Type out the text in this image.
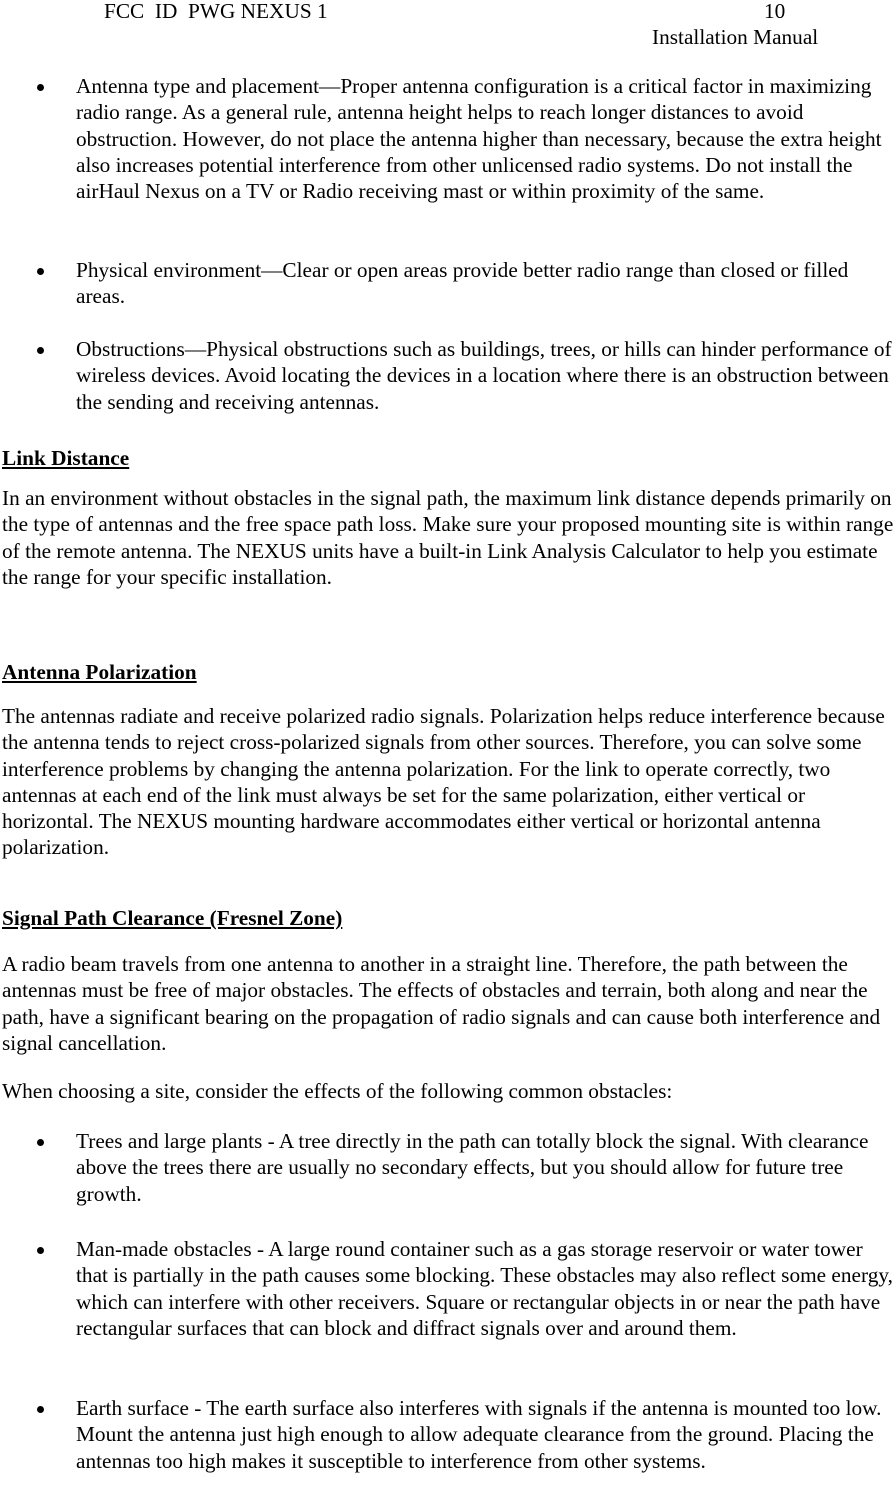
FCC  ID  PWG NEXUS 1	10
Installation Manual
Antenna type and placement—Proper antenna configuration is a critical factor in maximizing radio range. As a general rule, antenna height helps to reach longer distances to avoid obstruction. However, do not place the antenna higher than necessary, because the extra height also increases potential interference from other unlicensed radio systems. Do not install the airHaul Nexus on a TV or Radio receiving mast or within proximity of the same.
Physical environment—Clear or open areas provide better radio range than closed or filled areas.
Obstructions—Physical obstructions such as buildings, trees, or hills can hinder performance of wireless devices. Avoid locating the devices in a location where there is an obstruction between the sending and receiving antennas.
Link Distance

In an environment without obstacles in the signal path, the maximum link distance depends primarily on the type of antennas and the free space path loss. Make sure your proposed mounting site is within range of the remote antenna. The NEXUS units have a built-in Link Analysis Calculator to help you estimate the range for your specific installation.

Antenna Polarization

The antennas radiate and receive polarized radio signals. Polarization helps reduce interference because the antenna tends to reject cross-polarized signals from other sources. Therefore, you can solve some interference problems by changing the antenna polarization. For the link to operate correctly, two antennas at each end of the link must always be set for the same polarization, either vertical or horizontal. The NEXUS mounting hardware accommodates either vertical or horizontal antenna polarization.

Signal Path Clearance (Fresnel Zone)

A radio beam travels from one antenna to another in a straight line. Therefore, the path between the antennas must be free of major obstacles. The effects of obstacles and terrain, both along and near the path, have a significant bearing on the propagation of radio signals and can cause both interference and signal cancellation.

When choosing a site, consider the effects of the following common obstacles:

Trees and large plants - A tree directly in the path can totally block the signal. With clearance above the trees there are usually no secondary effects, but you should allow for future tree growth.
Man-made obstacles - A large round container such as a gas storage reservoir or water tower that is partially in the path causes some blocking. These obstacles may also reflect some energy, which can interfere with other receivers. Square or rectangular objects in or near the path have rectangular surfaces that can block and diffract signals over and around them.
Earth surface - The earth surface also interferes with signals if the antenna is mounted too low. Mount the antenna just high enough to allow adequate clearance from the ground. Placing the antennas too high makes it susceptible to interference from other systems.
